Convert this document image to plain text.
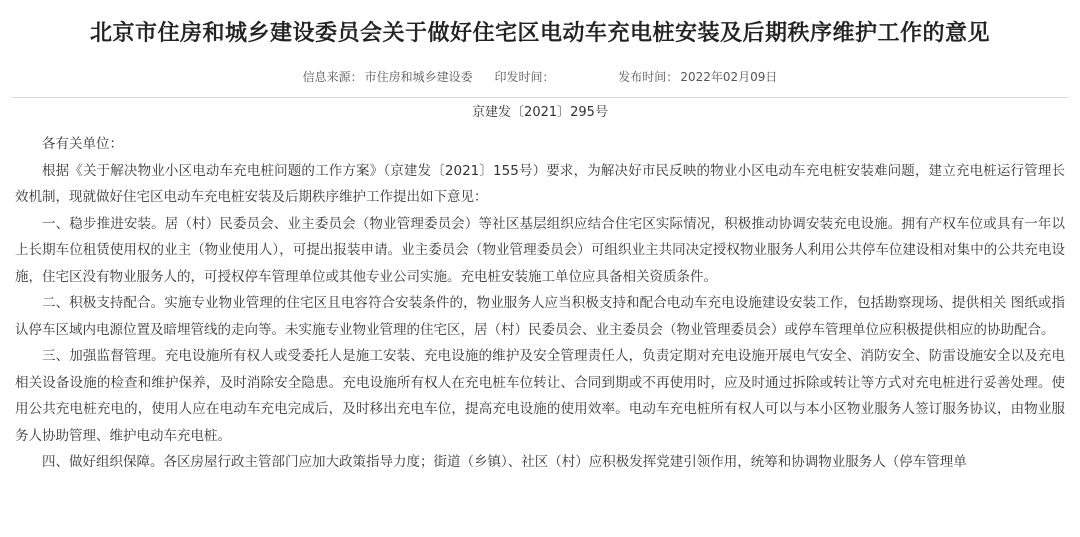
北京市住房和城乡建设委员会关于做好住宅区电动车充电桩安装及后期秩序维护工作的意见
信息来源： 市住房和城乡建设委 印发时间：	发布时间： 2022年02月09日
京建发〔2021〕295号

各有关单位：

根据《关于解决物业小区电动车充电桩问题的工作方案》（京建发〔2021〕155号）要求，为解决好市民反映的物业小区电动车充电桩安装难问题，建立充电桩运行管理长效机制，现就做好住宅区电动车充电桩安装及后期秩序维护工作提出如下意见：

一、稳步推进安装。居（村）民委员会、业主委员会（物业管理委员会）等社区基层组织应结合住宅区实际情况，积极推动协调安装充电设施。拥有产权车位或具有一年以上长期车位租赁使用权的业主（物业使用人），可提出报装申请。业主委员会（物业管理委员会）可组织业主共同决定授权物业服务人利用公共停车位建设相对集中的公共充电设施，住宅区没有物业服务人的，可授权停车管理单位或其他专业公司实施。充电桩安装施工单位应具备相关资质条件。

二、积极支持配合。实施专业物业管理的住宅区且电容符合安装条件的，物业服务人应当积极支持和配合电动车充电设施建设安装工作，包括勘察现场、提供相关 图纸或指认停车区域内电源位置及暗埋管线的走向等。未实施专业物业管理的住宅区，居（村）民委员会、业主委员会（物业管理委员会）或停车管理单位应积极提供相应的协助配合。

三、加强监督管理。充电设施所有权人或受委托人是施工安装、充电设施的维护及安全管理责任人，负责定期对充电设施开展电气安全、消防安全、防雷设施安全以及充电相关设备设施的检查和维护保养，及时消除安全隐患。充电设施所有权人在充电桩车位转让、合同到期或不再使用时，应及时通过拆除或转让等方式对充电桩进行妥善处理。使用公共充电桩充电的，使用人应在电动车充电完成后，及时移出充电车位，提高充电设施的使用效率。电动车充电桩所有权人可以与本小区物业服务人签订服务协议，由物业服务人协助管理、维护电动车充电桩。

四、做好组织保障。各区房屋行政主管部门应加大政策指导力度；街道（乡镇）、社区（村）应积极发挥党建引领作用，统筹和协调物业服务人（停车管理单
